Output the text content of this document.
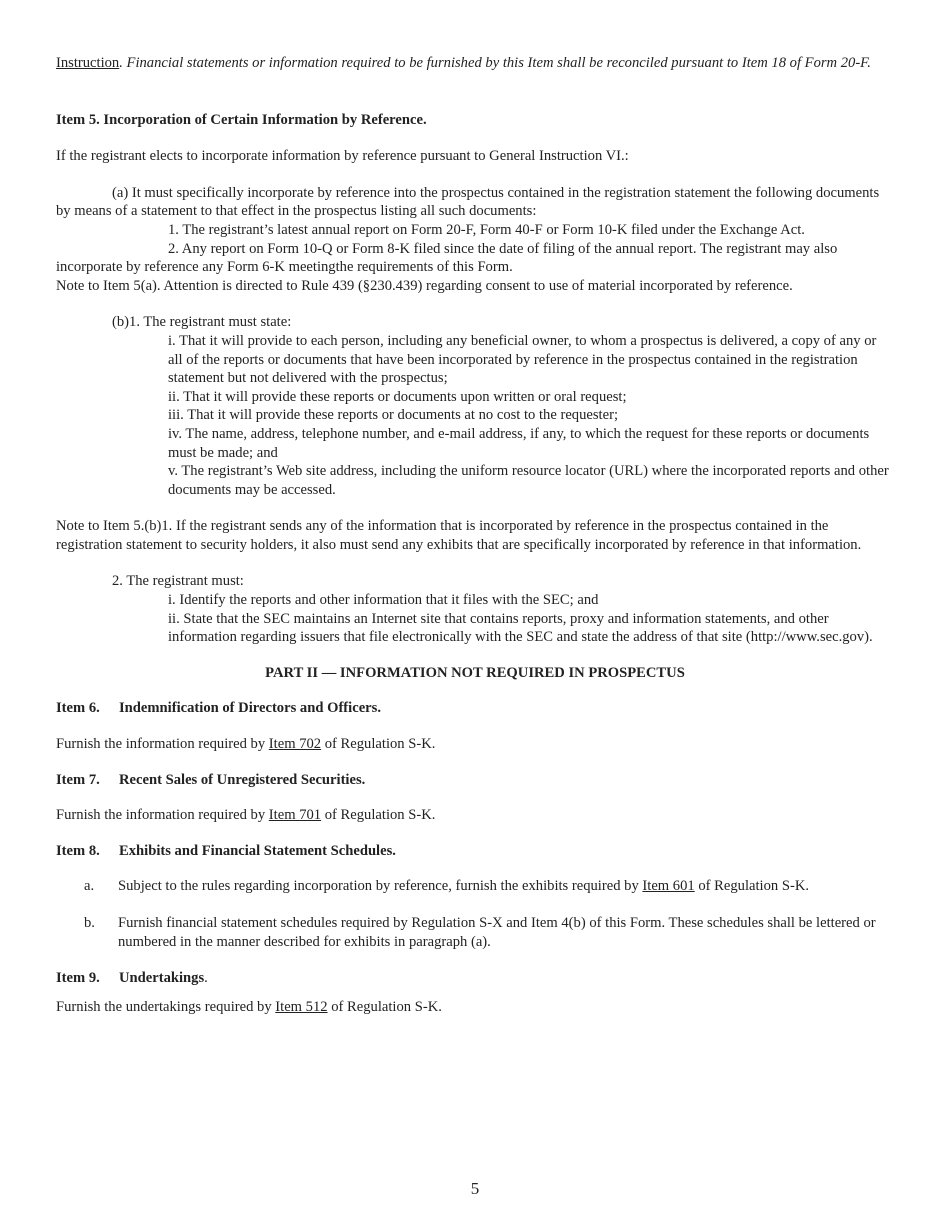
Instruction. Financial statements or information required to be furnished by this Item shall be reconciled pursuant to Item 18 of Form 20-F.

Item 5. Incorporation of Certain Information by Reference.

If the registrant elects to incorporate information by reference pursuant to General Instruction VI.:

(a) It must specifically incorporate by reference into the prospectus contained in the registration statement the following documents by means of a statement to that effect in the prospectus listing all such documents:

1. The registrant’s latest annual report on Form 20-F, Form 40-F or Form 10-K filed under the Exchange Act.

2. Any report on Form 10-Q or Form 8-K filed since the date of filing of the annual report. The registrant may also incorporate by reference any Form 6-K meetingthe requirements of this Form.

Note to Item 5(a). Attention is directed to Rule 439 (§230.439) regarding consent to use of material incorporated by reference.

(b)1. The registrant must state:

i. That it will provide to each person, including any beneficial owner, to whom a prospectus is delivered, a copy of any or all of the reports or documents that have been incorporated by reference in the prospectus contained in the registration statement but not delivered with the prospectus;

ii. That it will provide these reports or documents upon written or oral request;

iii. That it will provide these reports or documents at no cost to the requester;

iv. The name, address, telephone number, and e-mail address, if any, to which the request for these reports or documents must be made; and

v. The registrant’s Web site address, including the uniform resource locator (URL) where the incorporated reports and other documents may be accessed.

Note to Item 5.(b)1. If the registrant sends any of the information that is incorporated by reference in the prospectus contained in the registration statement to security holders, it also must send any exhibits that are specifically incorporated by reference in that information.

2. The registrant must:

i. Identify the reports and other information that it files with the SEC; and

ii. State that the SEC maintains an Internet site that contains reports, proxy and information statements, and other information regarding issuers that file electronically with the SEC and state the address of that site (http://www.sec.gov).

PART II — INFORMATION NOT REQUIRED IN PROSPECTUS

Item 6. Indemnification of Directors and Officers.

Furnish the information required by Item 702 of Regulation S-K.

Item 7. Recent Sales of Unregistered Securities.

Furnish the information required by Item 701 of Regulation S-K.

Item 8. Exhibits and Financial Statement Schedules.

a.	Subject to the rules regarding incorporation by reference, furnish the exhibits required by Item 601 of Regulation S-K.
b.	Furnish financial statement schedules required by Regulation S-X and Item 4(b) of this Form. These schedules shall be lettered or numbered in the manner described for exhibits in paragraph (a).

Item 9. Undertakings.

Furnish the undertakings required by Item 512 of Regulation S-K.

5
